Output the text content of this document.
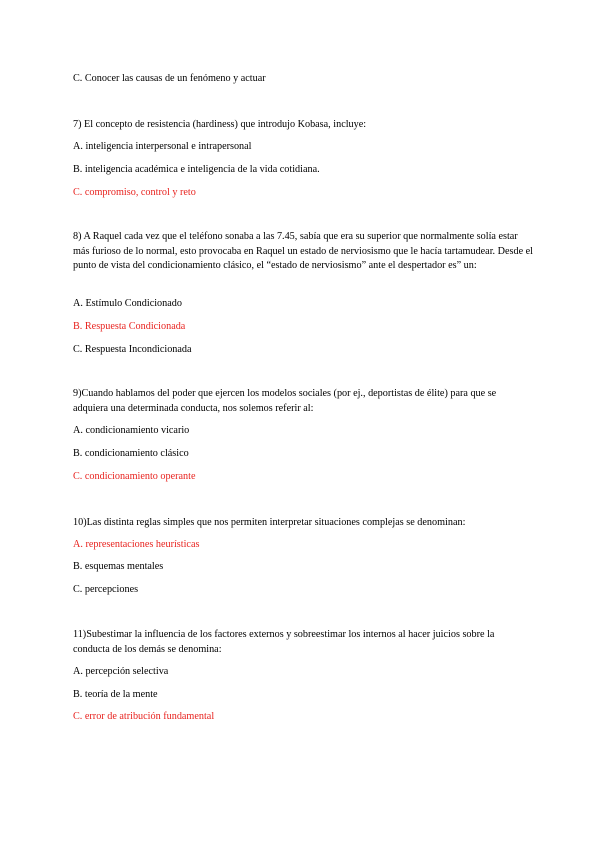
C. Conocer las causas de un fenómeno y actuar
7) El concepto de resistencia (hardiness) que introdujo Kobasa, incluye:
A. inteligencia interpersonal e intrapersonal
B. inteligencia académica e inteligencia de la vida cotidiana.
C. compromiso, control y reto
8) A Raquel cada vez que el teléfono sonaba a las 7.45, sabía que era su superior que normalmente solía estar más furioso de lo normal, esto provocaba en Raquel un estado de nerviosismo que le hacía tartamudear. Desde el punto de vista del condicionamiento clásico, el “estado de nerviosismo” ante el despertador es” un:
A. Estímulo Condicionado
B. Respuesta Condicionada
C. Respuesta Incondicionada
9)Cuando hablamos del poder que ejercen los modelos sociales (por ej., deportistas de élite) para que se adquiera una determinada conducta, nos solemos referir al:
A. condicionamiento vicario
B. condicionamiento clásico
C. condicionamiento operante
10)Las distinta reglas simples que nos permiten interpretar situaciones complejas se denominan:
A. representaciones heurísticas
B. esquemas mentales
C. percepciones
11)Subestimar la influencia de los factores externos y sobreestimar los internos al hacer juicios sobre la conducta de los demás se denomina:
A. percepción selectiva
B. teoría de la mente
C. error de atribución fundamental
